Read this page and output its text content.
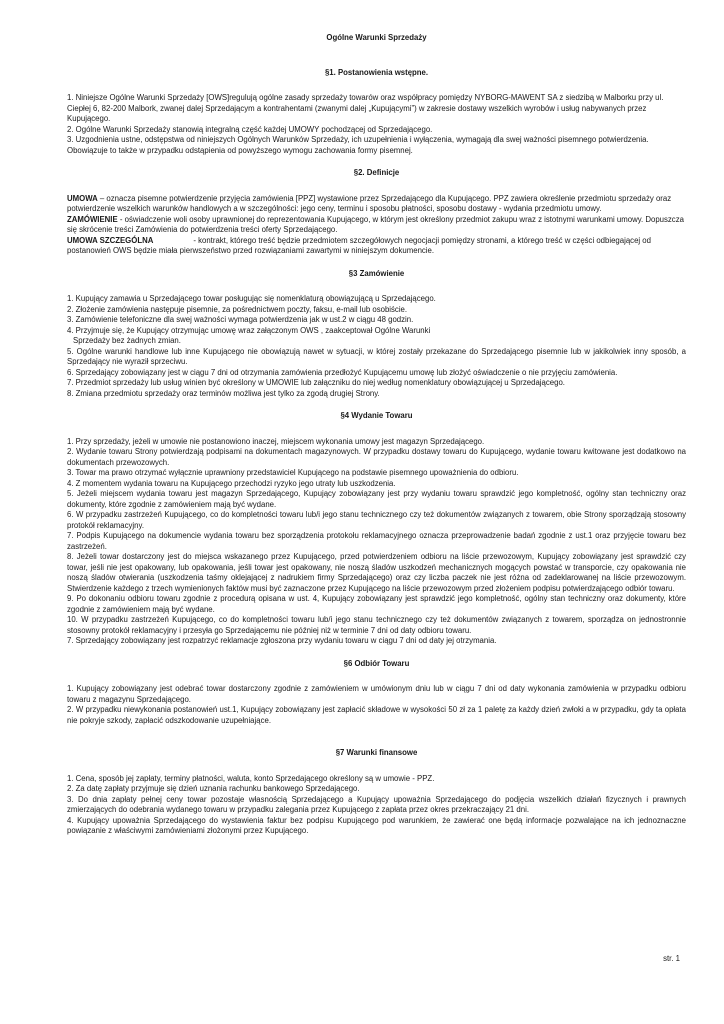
Ogólne Warunki Sprzedaży
§1. Postanowienia wstępne.

1. Niniejsze Ogólne Warunki Sprzedaży [OWS]regulują ogólne zasady sprzedaży towarów oraz współpracy pomiędzy NYBORG-MAWENT SA z siedzibą w Malborku przy ul. Ciepłej 6, 82-200 Malbork, zwanej dalej Sprzedającym a kontrahentami (zwanymi dalej „Kupującymi”) w zakresie dostawy wszelkich wyrobów i usług nabywanych przez Kupującego.

2. Ogólne Warunki Sprzedaży stanowią integralną część każdej UMOWY pochodzącej od Sprzedającego.

3. Uzgodnienia ustne, odstępstwa od niniejszych Ogólnych Warunków Sprzedaży, ich uzupełnienia i wyłączenia, wymagają dla swej ważności pisemnego potwierdzenia. Obowiązuje to także w przypadku odstąpienia od powyższego wymogu zachowania formy pisemnej.

§2. Definicje

UMOWA – oznacza pisemne potwierdzenie przyjęcia zamówienia [PPZ] wystawione przez Sprzedającego dla Kupującego. PPZ zawiera określenie przedmiotu sprzedaży oraz potwierdzenie wszelkich warunków handlowych a w szczególności: jego ceny, terminu i sposobu płatności, sposobu dostawy - wydania przedmiotu umowy.

ZAMÓWIENIE - oświadczenie woli osoby uprawnionej do reprezentowania Kupującego, w którym jest określony przedmiot zakupu wraz z istotnymi warunkami umowy. Dopuszcza się skrócenie treści Zamówienia do potwierdzenia treści oferty Sprzedającego.

UMOWA SZCZEGÓLNA	- kontrakt, którego treść będzie przedmiotem szczegółowych negocjacji pomiędzy stronami, a którego treść w części odbiegającej od postanowień OWS będzie miała pierwszeństwo przed rozwiązaniami zawartymi w niniejszym dokumencie.

§3 Zamówienie

1. Kupujący zamawia u Sprzedającego towar posługując się nomenklaturą obowiązującą u Sprzedającego.

2. Złożenie zamówienia następuje pisemnie, za pośrednictwem poczty, faksu, e-mail lub osobiście.

3. Zamówienie telefoniczne dla swej ważności wymaga potwierdzenia jak w ust.2 w ciągu 48 godzin.

4. Przyjmuje się, że Kupujący otrzymując umowę wraz załączonym OWS , zaakceptował Ogólne Warunki

Sprzedaży bez żadnych zmian.

5. Ogólne warunki handlowe lub inne Kupującego nie obowiązują nawet w sytuacji, w której zostały przekazane do Sprzedającego pisemnie lub w jakikolwiek inny sposób, a Sprzedający nie wyraził sprzeciwu.

6. Sprzedający zobowiązany jest w ciągu 7 dni od otrzymania zamówienia przedłożyć Kupującemu umowę lub złożyć oświadczenie o nie przyjęciu zamówienia.

7. Przedmiot sprzedaży lub usług winien być określony w UMOWIE lub załączniku do niej według nomenklatury obowiązującej u Sprzedającego.

8. Zmiana przedmiotu sprzedaży oraz terminów możliwa jest tylko za zgodą drugiej Strony.

§4 Wydanie Towaru

1. Przy sprzedaży, jeżeli w umowie nie postanowiono inaczej, miejscem wykonania umowy jest magazyn Sprzedającego.

2. Wydanie towaru Strony potwierdzają podpisami na dokumentach magazynowych. W przypadku dostawy towaru do Kupującego, wydanie towaru kwitowane jest dodatkowo na dokumentach przewozowych.

3. Towar ma prawo otrzymać wyłącznie uprawniony przedstawiciel Kupującego na podstawie pisemnego upoważnienia do odbioru.

4. Z momentem wydania towaru na Kupującego przechodzi ryzyko jego utraty lub uszkodzenia.

5. Jeżeli miejscem wydania towaru jest magazyn Sprzedającego, Kupujący zobowiązany jest przy wydaniu towaru sprawdzić jego kompletność, ogólny stan techniczny oraz dokumenty, które zgodnie z zamówieniem mają być wydane.

6. W przypadku zastrzeżeń Kupującego, co do kompletności towaru lub/i jego stanu technicznego czy też dokumentów związanych z towarem, obie Strony sporządzają stosowny protokół reklamacyjny.

7. Podpis Kupującego na dokumencie wydania towaru bez sporządzenia protokołu reklamacyjnego oznacza przeprowadzenie badań zgodnie z ust.1 oraz przyjęcie towaru bez zastrzeżeń.

8. Jeżeli towar dostarczony jest do miejsca wskazanego przez Kupującego, przed potwierdzeniem odbioru na liście przewozowym, Kupujący zobowiązany jest sprawdzić czy towar, jeśli nie jest opakowany, lub opakowania, jeśli towar jest opakowany, nie noszą śladów uszkodzeń mechanicznych mogących powstać w transporcie, czy opakowania nie noszą śladów otwierania (uszkodzenia taśmy oklejającej z nadrukiem firmy Sprzedającego) oraz czy liczba paczek nie jest różna od zadeklarowanej na liście przewozowym. Stwierdzenie każdego z trzech wymienionych faktów musi być zaznaczone przez Kupującego na liście przewozowym przed złożeniem podpisu potwierdzającego odbiór towaru.

9. Po dokonaniu odbioru towaru zgodnie z procedurą opisana w ust. 4, Kupujący zobowiązany jest sprawdzić jego kompletność, ogólny stan techniczny oraz dokumenty, które zgodnie z zamówieniem mają być wydane.

10. W przypadku zastrzeżeń Kupującego, co do kompletności towaru lub/i jego stanu technicznego czy też dokumentów związanych z towarem, sporządza on jednostronnie stosowny protokół reklamacyjny i przesyła go Sprzedającemu nie później niż w terminie 7 dni od daty odbioru towaru.

7. Sprzedający zobowiązany jest rozpatrzyć reklamacje zgłoszona przy wydaniu towaru w ciągu 7 dni od daty jej otrzymania.

§6 Odbiór Towaru

1. Kupujący zobowiązany jest odebrać towar dostarczony zgodnie z zamówieniem w umówionym dniu lub w ciągu 7 dni od daty wykonania zamówienia w przypadku odbioru towaru z magazynu Sprzedającego.

2. W przypadku niewykonania postanowień ust.1, Kupujący zobowiązany jest zapłacić składowe w wysokości 50 zł za 1 paletę za każdy dzień zwłoki a w przypadku, gdy ta opłata nie pokryje szkody, zapłacić odszkodowanie uzupełniające.

§7 Warunki finansowe

1. Cena, sposób jej zapłaty, terminy płatności, waluta, konto Sprzedającego określony są w umowie - PPZ.

2. Za datę zapłaty przyjmuje się dzień uznania rachunku bankowego Sprzedającego.

3. Do dnia zapłaty pełnej ceny towar pozostaje własnością Sprzedającego a Kupujący upoważnia Sprzedającego do podjęcia wszelkich działań fizycznych i prawnych zmierzających do odebrania wydanego towaru w przypadku zalegania przez Kupującego z zapłata przez okres przekraczający 21 dni.

4. Kupujący upoważnia Sprzedającego do wystawienia faktur bez podpisu Kupującego pod warunkiem, że zawierać one będą informacje pozwalające na ich jednoznaczne powiązanie z właściwymi zamówieniami złożonymi przez Kupującego.

str. 1
